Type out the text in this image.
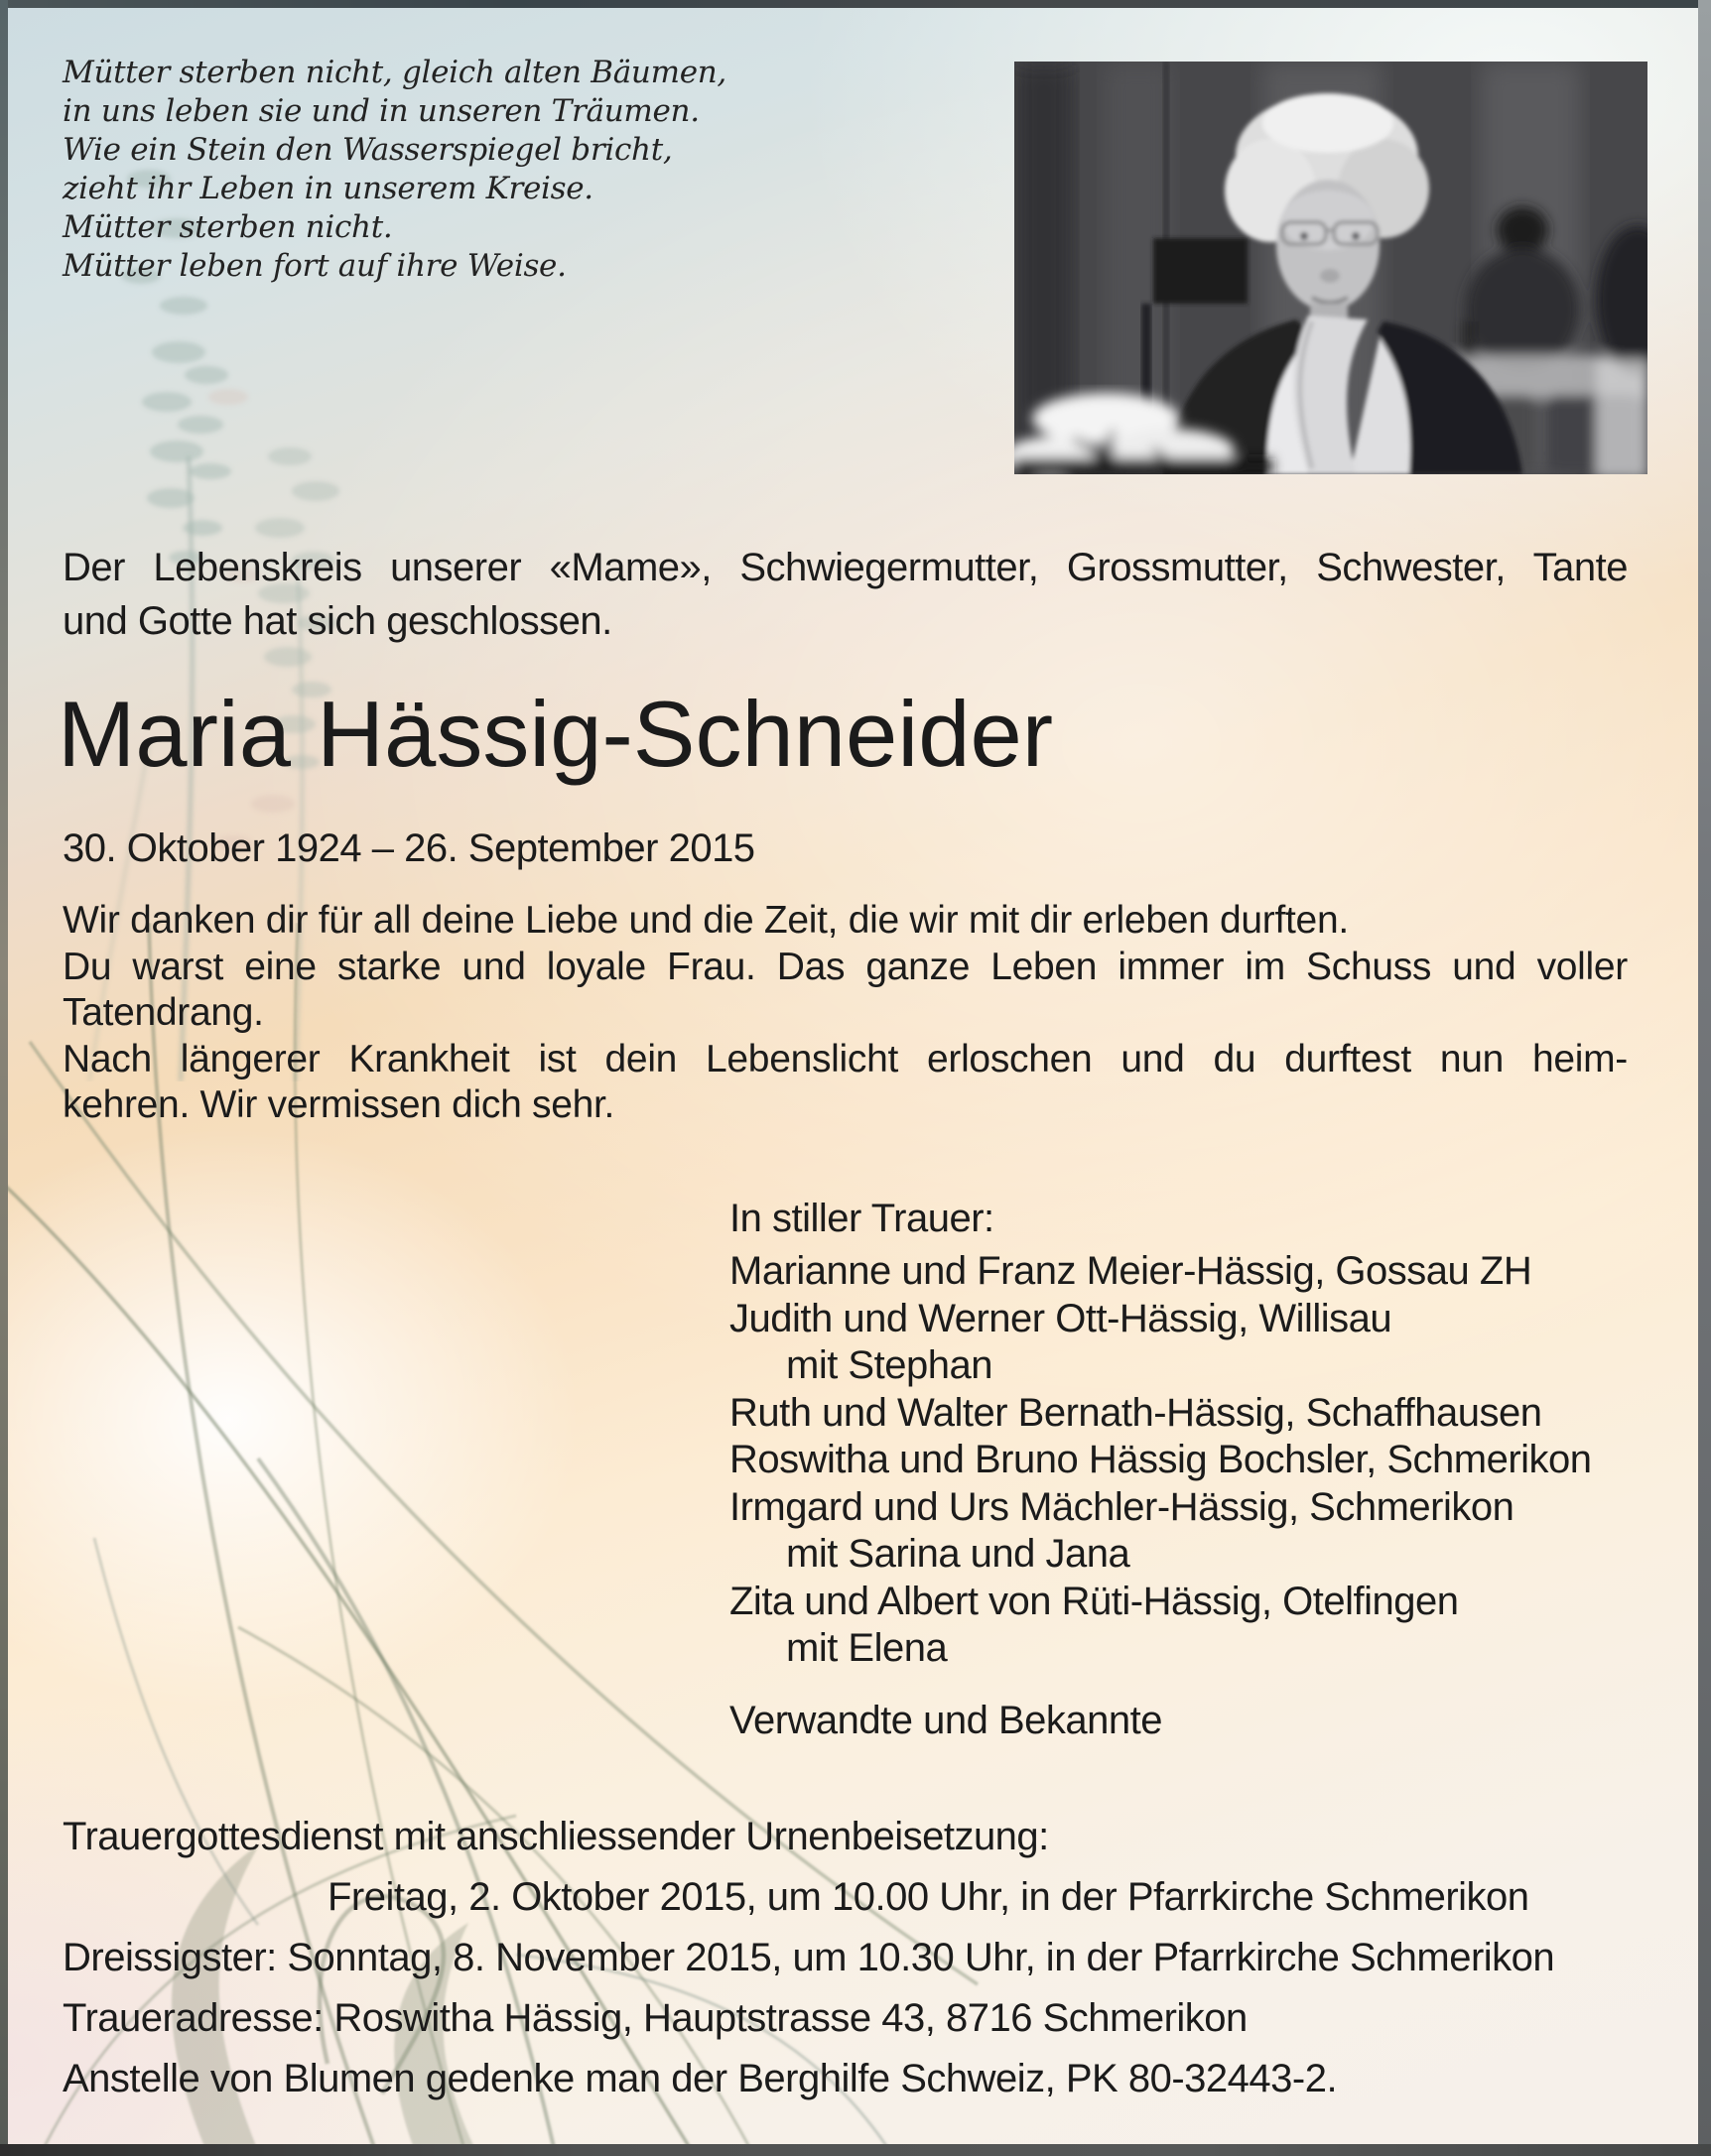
Mütter sterben nicht, gleich alten Bäumen,
in uns leben sie und in unseren Träumen.
Wie ein Stein den Wasserspiegel bricht,
zieht ihr Leben in unserem Kreise.
Mütter sterben nicht.
Mütter leben fort auf ihre Weise.
Der Lebenskreis unserer «Mame», Schwiegermutter, Grossmutter, Schwester, Tante
und Gotte hat sich geschlossen.
Maria Hässig-Schneider
30. Oktober 1924 – 26. September 2015
Wir danken dir für all deine Liebe und die Zeit, die wir mit dir erleben durften.
Du warst eine starke und loyale Frau. Das ganze Leben immer im Schuss und voller
Tatendrang.
Nach längerer Krankheit ist dein Lebenslicht erloschen und du durftest nun heim-
kehren. Wir vermissen dich sehr.
In stiller Trauer:
Marianne und Franz Meier-Hässig, Gossau ZH
Judith und Werner Ott-Hässig, Willisau
mit Stephan
Ruth und Walter Bernath-Hässig, Schaffhausen
Roswitha und Bruno Hässig Bochsler, Schmerikon
Irmgard und Urs Mächler-Hässig, Schmerikon
mit Sarina und Jana
Zita und Albert von Rüti-Hässig, Otelfingen
mit Elena
Verwandte und Bekannte
Trauergottesdienst mit anschliessender Urnenbeisetzung:
Freitag, 2. Oktober 2015, um 10.00 Uhr, in der Pfarrkirche Schmerikon
Dreissigster: Sonntag, 8. November 2015, um 10.30 Uhr, in der Pfarrkirche Schmerikon
Traueradresse: Roswitha Hässig, Hauptstrasse 43, 8716 Schmerikon
Anstelle von Blumen gedenke man der Berghilfe Schweiz, PK 80-32443-2.
